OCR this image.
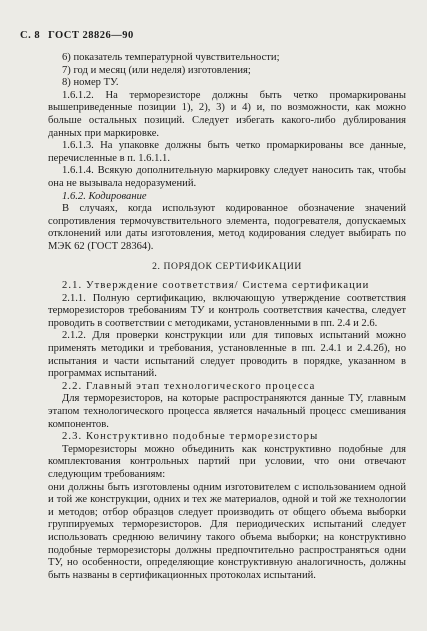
С. 8 ГОСТ 28826—90

6) показатель температурной чувствительности;

7) год и месяц (или неделя) изготовления;

8) номер ТУ.

1.6.1.2. На терморезисторе должны быть четко промаркированы вышеприведенные позиции 1), 2), 3) и 4) и, по возможности, как можно больше остальных позиций. Следует избегать какого-либо дублирования данных при маркировке.

1.6.1.3. На упаковке должны быть четко промаркированы все данные, перечисленные в п. 1.6.1.1.

1.6.1.4. Всякую дополнительную маркировку следует наносить так, чтобы она не вызывала недоразумений.

1.6.2. Кодирование

В случаях, когда используют кодированное обозначение значений сопротивления термочувствительного элемента, подогревателя, допускаемых отклонений или даты изготовления, метод кодирования следует выбирать по МЭК 62 (ГОСТ 28364).

2. ПОРЯДОК СЕРТИФИКАЦИИ

2.1. Утверждение соответствия/ Система сертификации

2.1.1. Полную сертификацию, включающую утверждение соответствия терморезисторов требованиям ТУ и контроль соответствия качества, следует проводить в соответствии с методиками, установленными в пп. 2.4 и 2.6.

2.1.2. Для проверки конструкции или для типовых испытаний можно применять методики и требования, установленные в пп. 2.4.1 и 2.4.2б), но испытания и части испытаний следует проводить в порядке, указанном в программах испытаний.

2.2. Главный этап технологического процесса

Для терморезисторов, на которые распространяются данные ТУ, главным этапом технологического процесса является начальный процесс смешивания компонентов.

2.3. Конструктивно подобные терморезисторы

Терморезисторы можно объединить как конструктивно подобные для комплектования контрольных партий при условии, что они отвечают следующим требованиям:

они должны быть изготовлены одним изготовителем с использованием одной и той же конструкции, одних и тех же материалов, одной и той же технологии и методов; отбор образцов следует производить от общего объема выборки группируемых терморезисторов. Для периодических испытаний следует использовать среднюю величину такого объема выборки; на конструктивно подобные терморезисторы должны предпочтительно распространяться одни ТУ, но особенности, определяющие конструктивную аналогичность, должны быть названы в сертификационных протоколах испытаний.
